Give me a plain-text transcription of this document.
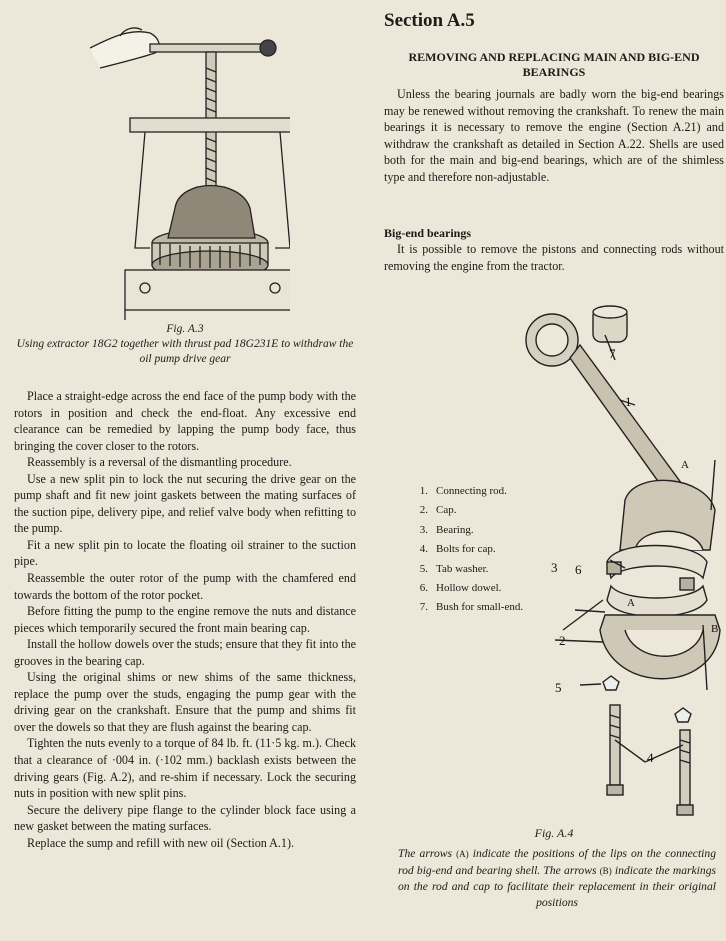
Fig. A.3
Using extractor 18G2 together with thrust pad 18G231E to withdraw the oil pump drive gear

Place a straight-edge across the end face of the pump body with the rotors in position and check the end-float. Any excessive end clearance can be remedied by lapping the pump body face, thus bringing the cover closer to the rotors.

Reassembly is a reversal of the dismantling procedure.

Use a new split pin to lock the nut securing the drive gear on the pump shaft and fit new joint gaskets between the mating surfaces of the suction pipe, delivery pipe, and relief valve body when refitting to the pump.

Fit a new split pin to locate the floating oil strainer to the suction pipe.

Reassemble the outer rotor of the pump with the chamfered end towards the bottom of the rotor pocket.

Before fitting the pump to the engine remove the nuts and distance pieces which temporarily secured the front main bearing cap.

Install the hollow dowels over the studs; ensure that they fit into the grooves in the bearing cap.

Using the original shims or new shims of the same thickness, replace the pump over the studs, engaging the pump gear with the driving gear on the crankshaft. Ensure that the pump and shims fit over the dowels so that they are flush against the bearing cap.

Tighten the nuts evenly to a torque of 84 lb. ft. (11·5 kg. m.). Check that a clearance of ·004 in. (·102 mm.) backlash exists between the driving gears (Fig. A.2), and re-shim if necessary. Lock the securing nuts in position with new split pins.

Secure the delivery pipe flange to the cylinder block face using a new gasket between the mating surfaces.

Replace the sump and refill with new oil (Section A.1).

Section A.5
REMOVING AND REPLACING MAIN AND BIG-END BEARINGS

Unless the bearing journals are badly worn the big-end bearings may be renewed without removing the crankshaft. To renew the main bearings it is necessary to remove the engine (Section A.21) and withdraw the crankshaft as detailed in Section A.22. Shells are used both for the main and big-end bearings, which are of the shimless type and therefore non-adjustable.

Big-end bearings

It is possible to remove the pistons and connecting rods without removing the engine from the tractor.

7
1
A
3 6
A
B
2
5
4
1. Connecting rod.
2. Cap.
3. Bearing.
4. Bolts for cap.
5. Tab washer.
6. Hollow dowel.
7. Bush for small-end.
Fig. A.4
The arrows (A) indicate the positions of the lips on the connecting rod big-end and bearing shell. The arrows (B) indicate the markings on the rod and cap to facilitate their replacement in their original positions
